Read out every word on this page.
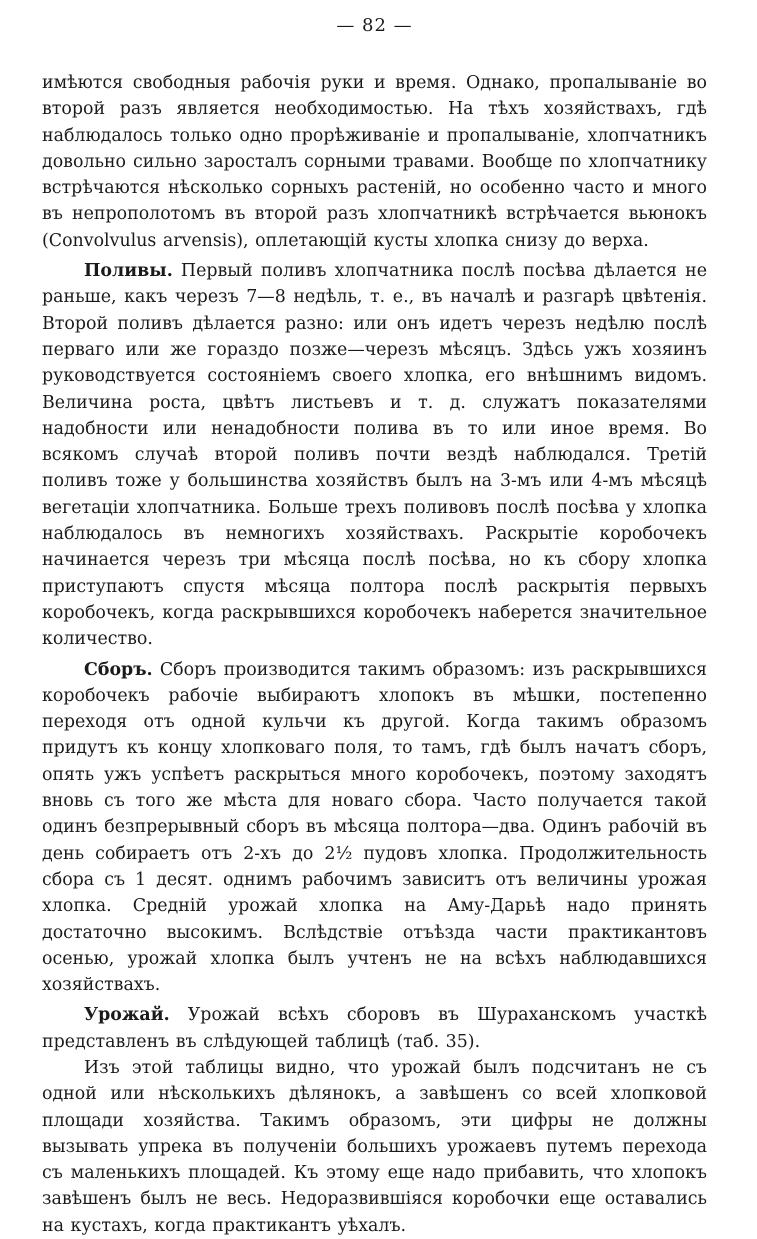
— 82 —

имѣются свободныя рабочія руки и время. Однако, пропалываніе во второй разъ является необходимостью. На тѣхъ хозяйствахъ, гдѣ наблюдалось только одно прорѣживаніе и пропалываніе, хлопчатникъ довольно сильно заросталъ сорными травами. Вообще по хлопчатнику встрѣчаются нѣсколько сорныхъ растеній, но особенно часто и много въ непрополотомъ въ второй разъ хлопчатникѣ встрѣчается вьюнокъ (Convolvulus arvensis), оплетающій кусты хлопка снизу до верха.

Поливы. Первый поливъ хлопчатника послѣ посѣва дѣлается не раньше, какъ черезъ 7—8 недѣль, т. е., въ началѣ и разгарѣ цвѣтенія. Второй поливъ дѣлается разно: или онъ идетъ черезъ недѣлю послѣ перваго или же гораздо позже—черезъ мѣсяцъ. Здѣсь ужъ хозяинъ руководствуется состояніемъ своего хлопка, его внѣшнимъ видомъ. Величина роста, цвѣтъ листьевъ и т. д. служатъ показателями надобности или ненадобности полива въ то или иное время. Во всякомъ случаѣ второй поливъ почти вездѣ наблюдался. Третій поливъ тоже у большинства хозяйствъ былъ на 3-мъ или 4-мъ мѣсяцѣ вегетаціи хлопчатника. Больше трехъ поливовъ послѣ посѣва у хлопка наблюдалось въ немногихъ хозяйствахъ. Раскрытіе коробочекъ начинается черезъ три мѣсяца послѣ посѣва, но къ сбору хлопка приступаютъ спустя мѣсяца полтора послѣ раскрытія первыхъ коробочекъ, когда раскрывшихся коробочекъ наберется значительное количество.

Сборъ. Сборъ производится такимъ образомъ: изъ раскрывшихся коробочекъ рабочіе выбираютъ хлопокъ въ мѣшки, постепенно переходя отъ одной кульчи къ другой. Когда такимъ образомъ придутъ къ концу хлопковаго поля, то тамъ, гдѣ былъ начатъ сборъ, опять ужъ успѣетъ раскрыться много коробочекъ, поэтому заходятъ вновь съ того же мѣста для новаго сбора. Часто получается такой одинъ безпрерывный сборъ въ мѣсяца полтора—два. Одинъ рабочій въ день собираетъ отъ 2-хъ до 2½ пудовъ хлопка. Продолжительность сбора съ 1 десят. однимъ рабочимъ зависитъ отъ величины урожая хлопка. Средній урожай хлопка на Аму-Дарьѣ надо принять достаточно высокимъ. Вслѣдствіе отъѣзда части практикантовъ осенью, урожай хлопка былъ учтенъ не на всѣхъ наблюдавшихся хозяйствахъ.

Урожай. Урожай всѣхъ сборовъ въ Шураханскомъ участкѣ представленъ въ слѣдующей таблицѣ (таб. 35).

Изъ этой таблицы видно, что урожай былъ подсчитанъ не съ одной или нѣсколькихъ дѣлянокъ, а завѣшенъ со всей хлопковой площади хозяйства. Такимъ образомъ, эти цифры не должны вызывать упрека въ полученіи большихъ урожаевъ путемъ перехода съ маленькихъ площадей. Къ этому еще надо прибавить, что хлопокъ завѣшенъ былъ не весь. Недоразвившіяся коробочки еще оставались на кустахъ, когда практикантъ уѣхалъ.
